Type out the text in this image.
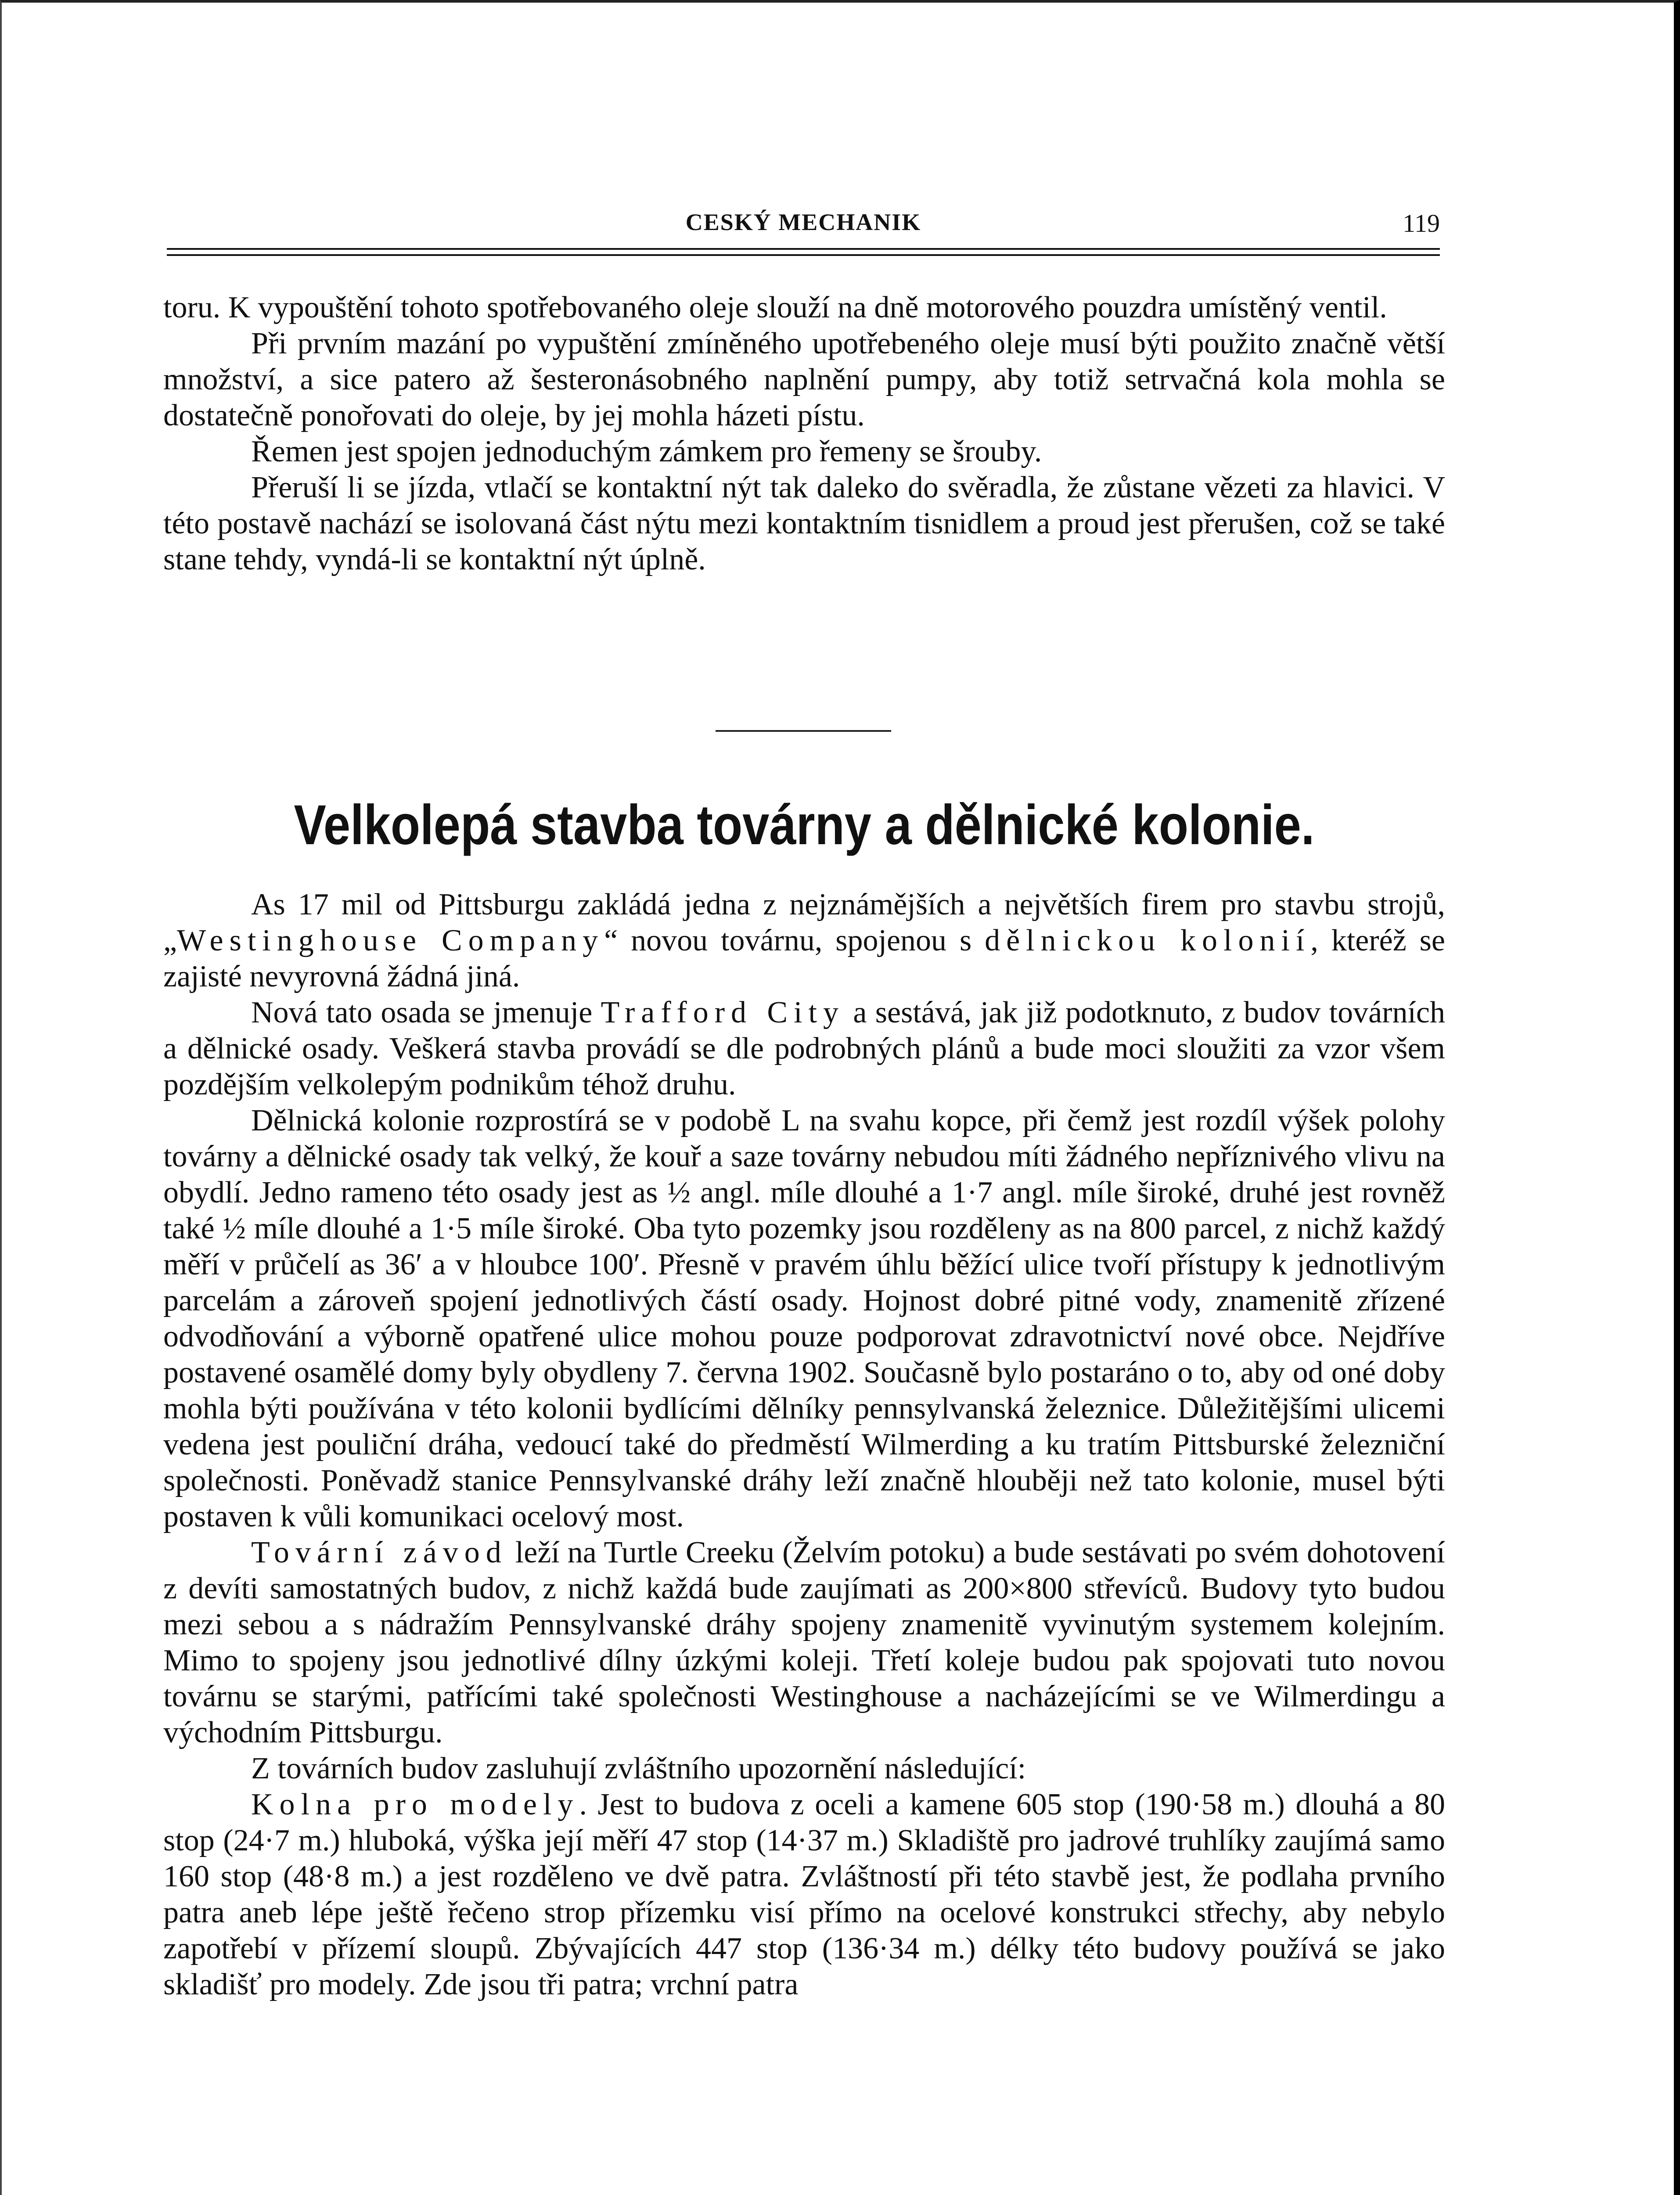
CESKÝ MECHANIK	119

toru. K vypouštění tohoto spotřebovaného oleje slouží na dně motorového pouzdra umístěný ventil.

Při prvním mazání po vypuštění zmíněného upotřebeného oleje musí býti použito značně větší množství, a sice patero až šesteronásobného naplnění pumpy, aby totiž setrvačná kola mohla se dostatečně ponořovati do oleje, by jej mohla házeti pístu.

Řemen jest spojen jednoduchým zámkem pro řemeny se šrouby.

Přeruší li se jízda, vtlačí se kontaktní nýt tak daleko do svěradla, že zůstane vězeti za hlavici. V této postavě nachází se isolovaná část nýtu mezi kontaktním tisnidlem a proud jest přerušen, což se také stane tehdy, vyndá-li se kontaktní nýt úplně.

Velkolepá stavba továrny a dělnické kolonie.

As 17 mil od Pittsburgu zakládá jedna z nejznámějších a největších firem pro stavbu strojů, „Westinghouse Company“ novou továrnu, spojenou s dělnickou kolonií, kteréž se zajisté nevyrovná žádná jiná.

Nová tato osada se jmenuje Trafford City a sestává, jak již podotknuto, z budov továrních a dělnické osady. Veškerá stavba provádí se dle podrobných plánů a bude moci sloužiti za vzor všem pozdějším velkolepým podnikům téhož druhu.

Dělnická kolonie rozprostírá se v podobě L na svahu kopce, při čemž jest rozdíl výšek polohy továrny a dělnické osady tak velký, že kouř a saze továrny nebudou míti žádného nepříznivého vlivu na obydlí. Jedno rameno této osady jest as ½ angl. míle dlouhé a 1·7 angl. míle široké, druhé jest rovněž také ½ míle dlouhé a 1·5 míle široké. Oba tyto pozemky jsou rozděleny as na 800 parcel, z nichž každý měří v průčelí as 36′ a v hloubce 100′. Přesně v pravém úhlu běžící ulice tvoří přístupy k jednotlivým parcelám a zároveň spojení jednotlivých částí osady. Hojnost dobré pitné vody, znamenitě zřízené odvodňování a výborně opatřené ulice mohou pouze podporovat zdravotnictví nové obce. Nejdříve postavené osamělé domy byly obydleny 7. června 1902. Současně bylo postaráno o to, aby od oné doby mohla býti používána v této kolonii bydlícími dělníky pennsylvanská železnice. Důležitějšími ulicemi vedena jest pouliční dráha, vedoucí také do předměstí Wilmerding a ku tratím Pittsburské železniční společnosti. Poněvadž stanice Pennsylvanské dráhy leží značně hlouběji než tato kolonie, musel býti postaven k vůli komunikaci ocelový most.

Tovární závod leží na Turtle Creeku (Želvím potoku) a bude sestávati po svém dohotovení z devíti samostatných budov, z nichž každá bude zaujímati as 200×800 střevíců. Budovy tyto budou mezi sebou a s nádražím Pennsylvanské dráhy spojeny znamenitě vyvinutým systemem kolejním. Mimo to spojeny jsou jednotlivé dílny úzkými koleji. Třetí koleje budou pak spojovati tuto novou továrnu se starými, patřícími také společnosti Westinghouse a nacházejícími se ve Wilmerdingu a východním Pittsburgu.

Z továrních budov zasluhují zvláštního upozornění následující:

Kolna pro modely. Jest to budova z oceli a kamene 605 stop (190·58 m.) dlouhá a 80 stop (24·7 m.) hluboká, výška její měří 47 stop (14·37 m.) Skladiště pro jadrové truhlíky zaujímá samo 160 stop (48·8 m.) a jest rozděleno ve dvě patra. Zvláštností při této stavbě jest, že podlaha prvního patra aneb lépe ještě řečeno strop přízemku visí přímo na ocelové konstrukci střechy, aby nebylo zapotřebí v přízemí sloupů. Zbývajících 447 stop (136·34 m.) délky této budovy používá se jako skladišť pro modely. Zde jsou tři patra; vrchní patra
